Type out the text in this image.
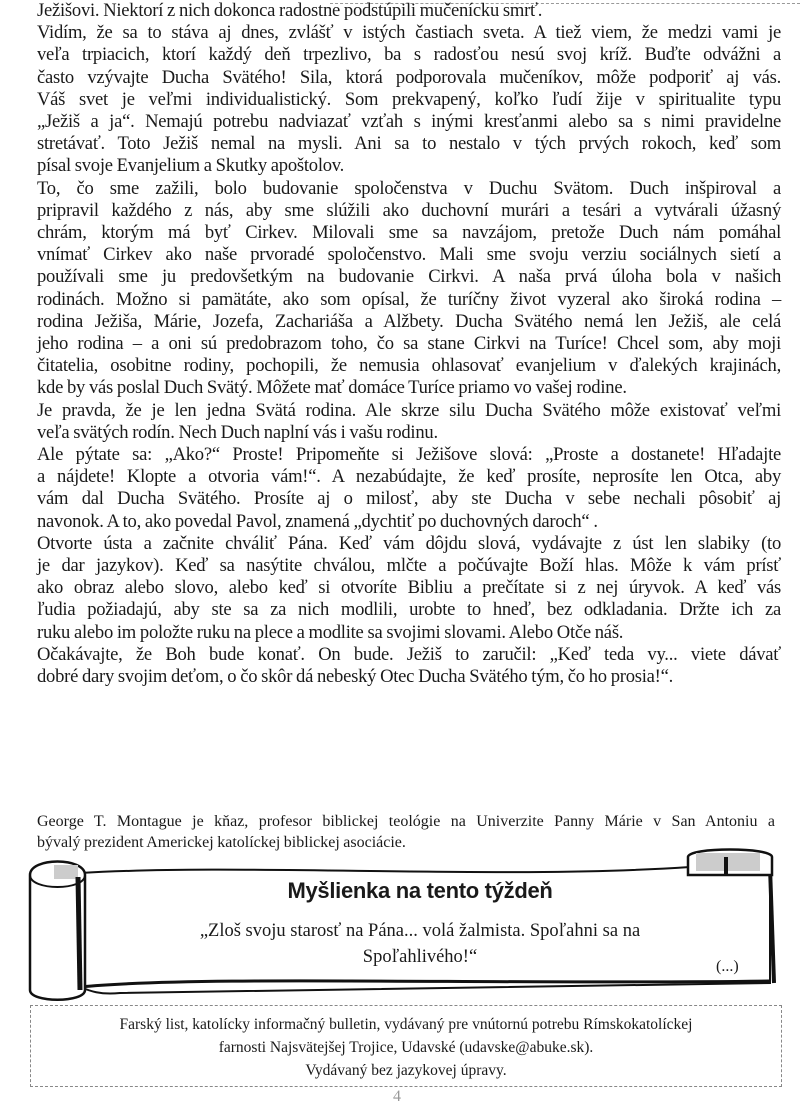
Ježišovi. Niektorí z nich dokonca radostne podstúpili mučenícku smrť.
Vidím, že sa to stáva aj dnes, zvlášť v istých častiach sveta. A tiež viem, že medzi vami je
veľa trpiacich, ktorí každý deň trpezlivo, ba s radosťou nesú svoj kríž. Buďte odvážni a
často vzývajte Ducha Svätého! Sila, ktorá podporovala mučeníkov, môže podporiť aj vás.
Váš svet je veľmi individualistický. Som prekvapený, koľko ľudí žije v spiritualite typu
„Ježiš a ja“. Nemajú potrebu nadviazať vzťah s inými kresťanmi alebo sa s nimi pravidelne
stretávať. Toto Ježiš nemal na mysli. Ani sa to nestalo v tých prvých rokoch, keď som
písal svoje Evanjelium a Skutky apoštolov.
To, čo sme zažili, bolo budovanie spoločenstva v Duchu Svätom. Duch inšpiroval a
pripravil každého z nás, aby sme slúžili ako duchovní murári a tesári a vytvárali úžasný
chrám, ktorým má byť Cirkev. Milovali sme sa navzájom, pretože Duch nám pomáhal
vnímať Cirkev ako naše prvoradé spoločenstvo. Mali sme svoju verziu sociálnych sietí a
používali sme ju predovšetkým na budovanie Cirkvi. A naša prvá úloha bola v našich
rodinách. Možno si pamätáte, ako som opísal, že turíčny život vyzeral ako široká rodina –
rodina Ježiša, Márie, Jozefa, Zachariáša a Alžbety. Ducha Svätého nemá len Ježiš, ale celá
jeho rodina – a oni sú predobrazom toho, čo sa stane Cirkvi na Turíce! Chcel som, aby moji
čitatelia, osobitne rodiny, pochopili, že nemusia ohlasovať evanjelium v ďalekých krajinách,
kde by vás poslal Duch Svätý. Môžete mať domáce Turíce priamo vo vašej rodine.
Je pravda, že je len jedna Svätá rodina. Ale skrze silu Ducha Svätého môže existovať veľmi
veľa svätých rodín. Nech Duch naplní vás i vašu rodinu.
Ale pýtate sa: „Ako?“ Proste! Pripomeňte si Ježišove slová: „Proste a dostanete! Hľadajte
a nájdete! Klopte a otvoria vám!“. A nezabúdajte, že keď prosíte, neprosíte len Otca, aby
vám dal Ducha Svätého. Prosíte aj o milosť, aby ste Ducha v sebe nechali pôsobiť aj
navonok. A to, ako povedal Pavol, znamená „dychtiť po duchovných daroch“ .
Otvorte ústa a začnite chváliť Pána. Keď vám dôjdu slová, vydávajte z úst len slabiky (to
je dar jazykov). Keď sa nasýtite chválou, mlčte a počúvajte Boží hlas. Môže k vám prísť
ako obraz alebo slovo, alebo keď si otvoríte Bibliu a prečítate si z nej úryvok. A keď vás
ľudia požiadajú, aby ste sa za nich modlili, urobte to hneď, bez odkladania. Držte ich za
ruku alebo im položte ruku na plece a modlite sa svojimi slovami. Alebo Otče náš.
Očakávajte, že Boh bude konať. On bude. Ježiš to zaručil: „Keď teda vy... viete dávať
dobré dary svojim deťom, o čo skôr dá nebeský Otec Ducha Svätého tým, čo ho prosia!“.
George T. Montague je kňaz, profesor biblickej teológie na Univerzite Panny Márie v San Antoniu a
bývalý prezident Americkej katolíckej biblickej asociácie.
Myšlienka na tento týždeň
„Zloš svoju starosť na Pána... volá žalmista. Spoľahni sa na
Spoľahlivého!“	(...)
Farský list, katolícky informačný bulletin, vydávaný pre vnútornú potrebu Rímskokatolíckej
farnosti Najsvätejšej Trojice, Udavské (udavske@abuke.sk).
Vydávaný bez jazykovej úpravy.
4
